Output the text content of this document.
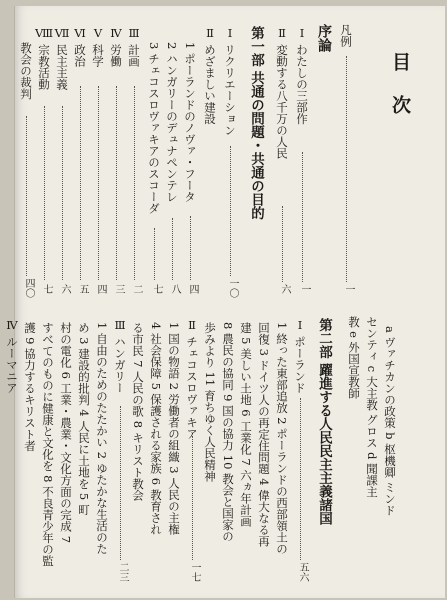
目次
凡例
一
序論
Ⅰ わたしの三部作
一
Ⅱ 変動する八千万の人民
六
第一部 共通の問題・共通の目的
Ⅰ リクリエーション
一〇
Ⅱ めざましい建設
1 ポーランドのノヴァ・フータ
四
2 ハンガリーのデュナペンテレ
八
3 チェコスロヴァキアのスコーダ
七
Ⅲ 計画
二
Ⅳ 労働
三
Ⅴ 科学
四
Ⅵ 政治
五
Ⅶ 民主主義
六
Ⅷ 宗教活動
七
教会の裁判
四〇
a ヴァチカンの政策 b 枢機卿 ミンド
センティ c 大主教 グロス d 聞課主
教 e 外国宣教師
第二部 躍進する人民民主主義諸国
Ⅰ ポーランド
五六
1 終った東部追放 2 ポーランドの西部領土の
回復 3 ドイツ人の再定住問題 4 偉大なる再
建 5 美しい土地 6 工業化 7 六ヵ年計画
8 農民の協同 9 国の協力 10 教会と国家の
歩みより 11 育ちゆく人民精神
Ⅱ チェコスロヴァキア
一七
1 国の物語 2 労働者の組織 3 人民の主権
4 社会保障 5 保護される家族 6 教育され
る市民 7 人民の歌 8 キリスト教会
Ⅲ ハンガリー
二三
1 自由のためのたたかい 2 ゆたかな生活のた
め 3 建設的批判 4 人民に土地を 5 町
村の電化 6 工業・農業・文化方面の完成 7
すべてのものに健康と文化を 8 不良青少年の監
護 9 協力するキリスト者
Ⅳ ルーマニア
